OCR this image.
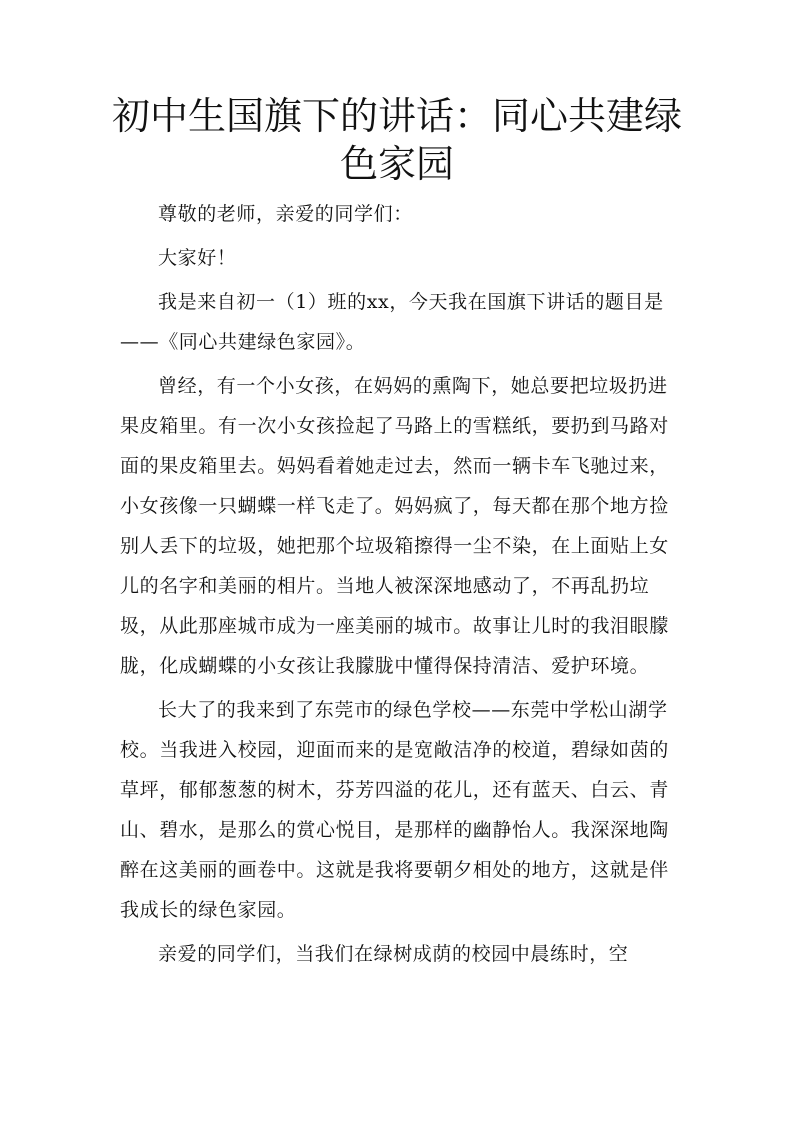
初中生国旗下的讲话：同心共建绿色家园

尊敬的老师，亲爱的同学们：

大家好！

我是来自初一（1）班的xx，今天我在国旗下讲话的题目是——《同心共建绿色家园》。

曾经，有一个小女孩，在妈妈的熏陶下，她总要把垃圾扔进果皮箱里。有一次小女孩捡起了马路上的雪糕纸，要扔到马路对面的果皮箱里去。妈妈看着她走过去，然而一辆卡车飞驰过来，小女孩像一只蝴蝶一样飞走了。妈妈疯了，每天都在那个地方捡别人丢下的垃圾，她把那个垃圾箱擦得一尘不染，在上面贴上女儿的名字和美丽的相片。当地人被深深地感动了，不再乱扔垃圾，从此那座城市成为一座美丽的城市。故事让儿时的我泪眼朦胧，化成蝴蝶的小女孩让我朦胧中懂得保持清洁、爱护环境。

长大了的我来到了东莞市的绿色学校——东莞中学松山湖学校。当我进入校园，迎面而来的是宽敞洁净的校道，碧绿如茵的草坪，郁郁葱葱的树木，芬芳四溢的花儿，还有蓝天、白云、青山、碧水，是那么的赏心悦目，是那样的幽静怡人。我深深地陶醉在这美丽的画卷中。这就是我将要朝夕相处的地方，这就是伴我成长的绿色家园。

亲爱的同学们，当我们在绿树成荫的校园中晨练时，空
